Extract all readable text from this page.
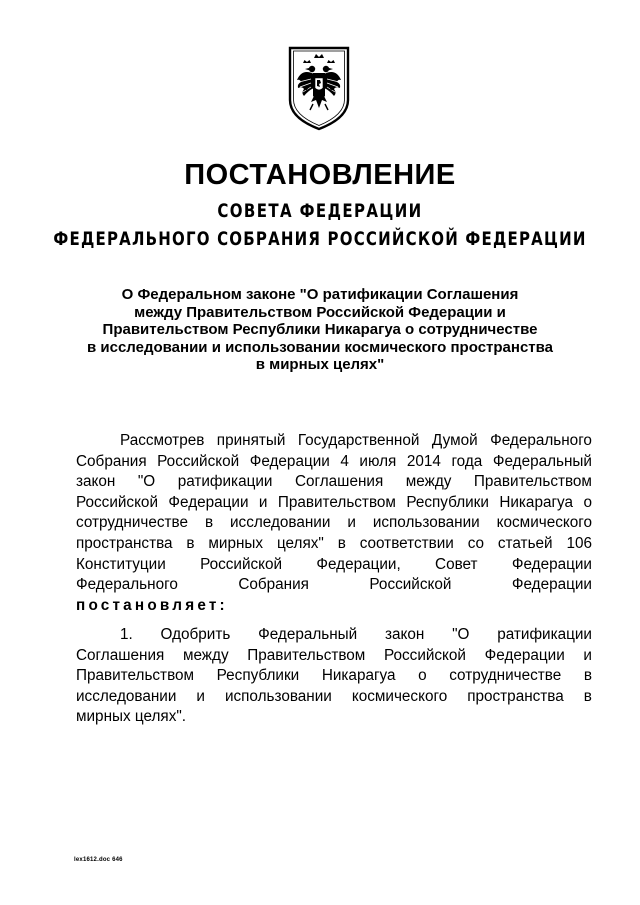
ПОСТАНОВЛЕНИЕ
СОВЕТА ФЕДЕРАЦИИ
ФЕДЕРАЛЬНОГО СОБРАНИЯ РОССИЙСКОЙ ФЕДЕРАЦИИ
О Федеральном законе "О ратификации Соглашения
между Правительством Российской Федерации и
Правительством Республики Никарагуа о сотрудничестве
в исследовании и использовании космического пространства
в мирных целях"
Рассмотрев принятый Государственной Думой Федерального
Собрания Российской Федерации 4 июля 2014 года Федеральный
закон "О ратификации Соглашения между Правительством
Российской Федерации и Правительством Республики Никарагуа о
сотрудничестве в исследовании и использовании космического
пространства в мирных целях" в соответствии со статьей 106
Конституции Российской Федерации, Совет Федерации
Федерального	Собрания	Российской	Федерации
постановляет:
1. Одобрить Федеральный закон "О ратификации
Соглашения между Правительством Российской Федерации и
Правительством Республики Никарагуа о сотрудничестве в
исследовании и использовании космического пространства в
мирных целях".
lex1612.doc 646
